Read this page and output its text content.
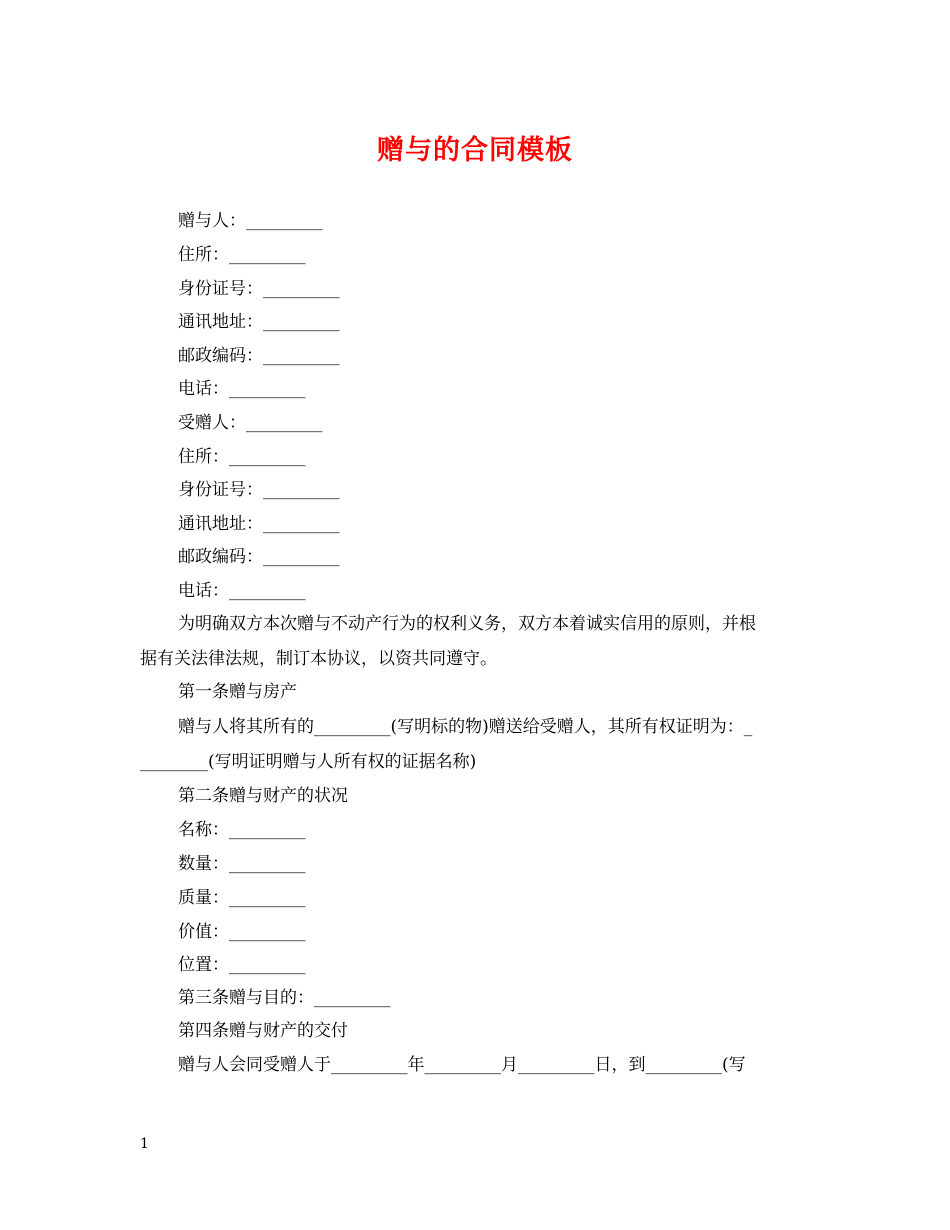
赠与的合同模板
赠与人：_________
住所：_________
身份证号：_________
通讯地址：_________
邮政编码：_________
电话：_________
受赠人：_________
住所：_________
身份证号：_________
通讯地址：_________
邮政编码：_________
电话：_________
为明确双方本次赠与不动产行为的权利义务，双方本着诚实信用的原则，并根
据有关法律法规，制订本协议，以资共同遵守。
第一条赠与房产
赠与人将其所有的_________(写明标的物)赠送给受赠人，其所有权证明为：_
________(写明证明赠与人所有权的证据名称)
第二条赠与财产的状况
名称：_________
数量：_________
质量：_________
价值：_________
位置：_________
第三条赠与目的：_________
第四条赠与财产的交付
赠与人会同受赠人于_________年_________月_________日，到_________(写
1
